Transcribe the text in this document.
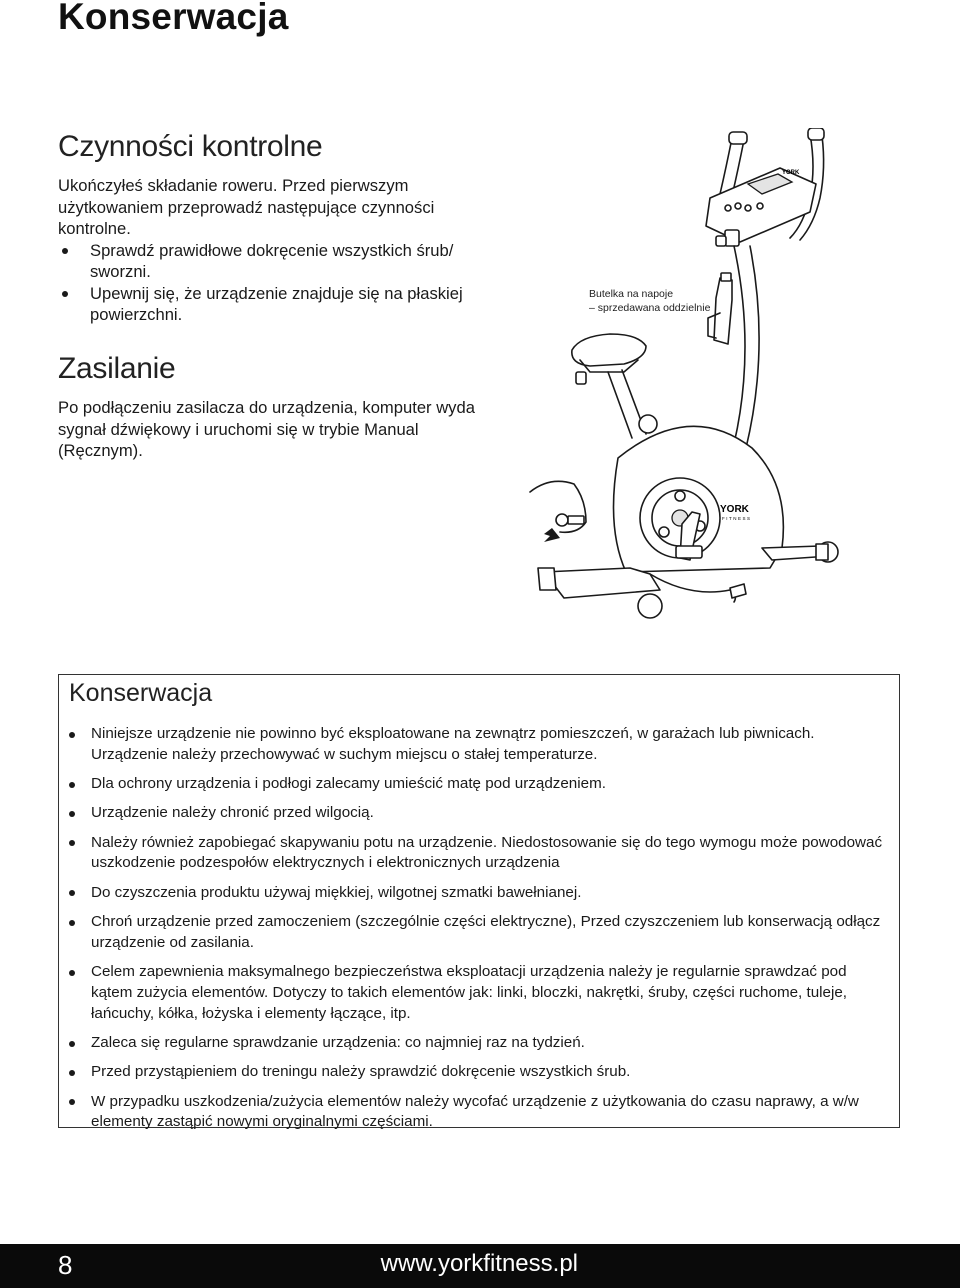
Konserwacja
Czynności kontrolne

Ukończyłeś składanie roweru. Przed pierwszym użytkowaniem przeprowadź następujące czynności kontrolne.

Sprawdź prawidłowe dokręcenie wszystkich śrub/ sworzni.
Upewnij się, że urządzenie znajduje się na płaskiej powierzchni.
Zasilanie

Po podłączeniu zasilacza do urządzenia, komputer wyda sygnał dźwiękowy i uruchomi się w trybie Manual (Ręcznym).

YORK
YORK
FITNESS
Butelka na napoje
– sprzedawana oddzielnie
Konserwacja
Niniejsze urządzenie nie powinno być eksploatowane na zewnątrz pomieszczeń, w garażach lub piwnicach. Urządzenie należy przechowywać w suchym miejscu o stałej temperaturze.
Dla ochrony urządzenia i podłogi zalecamy umieścić matę pod urządzeniem.
Urządzenie należy chronić przed wilgocią.
Należy również zapobiegać skapywaniu potu na urządzenie. Niedostosowanie się do tego wymogu może powodować uszkodzenie podzespołów elektrycznych i elektronicznych urządzenia
Do czyszczenia produktu używaj miękkiej, wilgotnej szmatki bawełnianej.
Chroń urządzenie przed zamoczeniem (szczególnie części elektryczne), Przed czyszczeniem lub konserwacją odłącz urządzenie od zasilania.
Celem zapewnienia maksymalnego bezpieczeństwa eksploatacji urządzenia należy je regularnie sprawdzać pod kątem zużycia elementów. Dotyczy to takich elementów jak: linki, bloczki, nakrętki, śruby, części ruchome, tuleje, łańcuchy, kółka, łożyska i elementy łączące, itp.
Zaleca się regularne sprawdzanie urządzenia: co najmniej raz na tydzień.
Przed przystąpieniem do treningu należy sprawdzić dokręcenie wszystkich śrub.
W przypadku uszkodzenia/zużycia elementów należy wycofać urządzenie z użytkowania do czasu naprawy, a w/w elementy zastąpić nowymi oryginalnymi częściami.
8	www.yorkfitness.pl
